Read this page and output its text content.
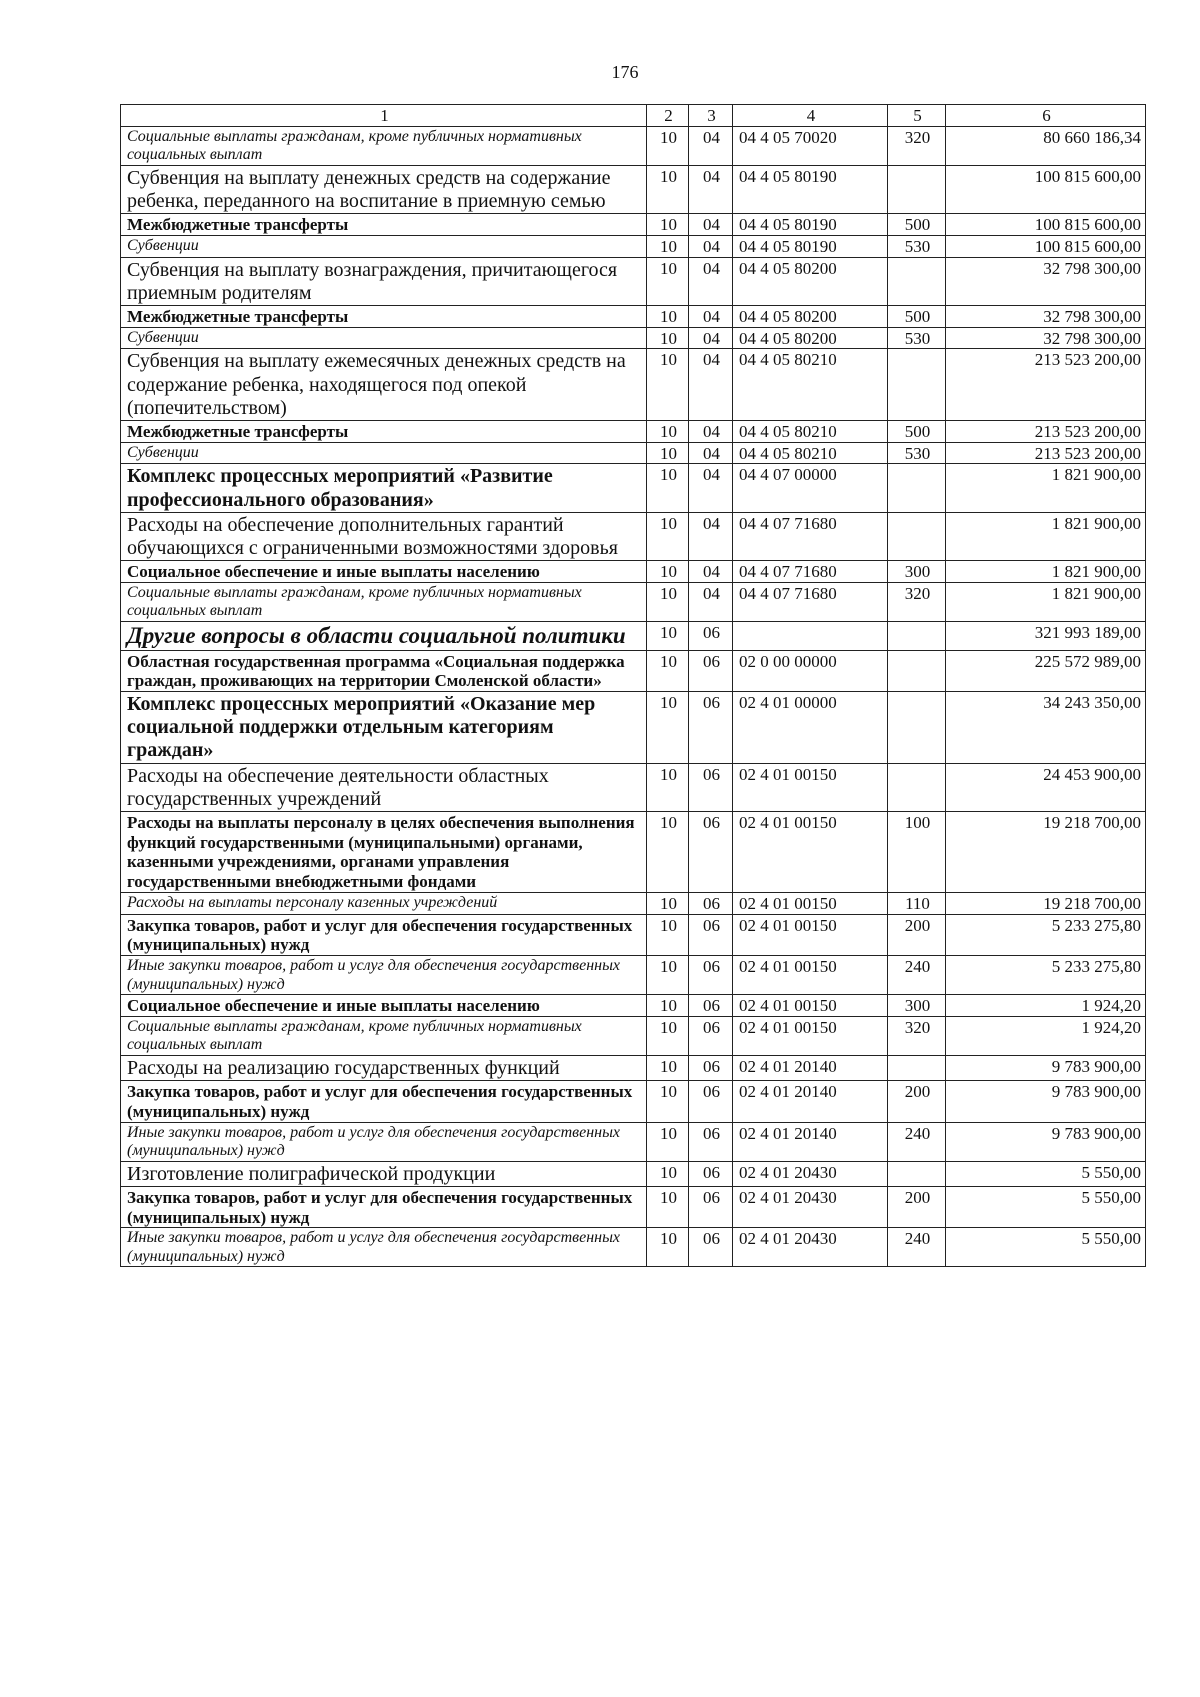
176
1	2	3	4	5	6
Социальные выплаты гражданам, кроме публичных нормативных социальных выплат	10	04	04 4 05 70020	320	80 660 186,34
Субвенция на выплату денежных средств на содержание ребенка, переданного на воспитание в приемную семью	10	04	04 4 05 80190		100 815 600,00
Межбюджетные трансферты	10	04	04 4 05 80190	500	100 815 600,00
Субвенции	10	04	04 4 05 80190	530	100 815 600,00
Субвенция на выплату вознаграждения, причитающегося приемным родителям	10	04	04 4 05 80200		32 798 300,00
Межбюджетные трансферты	10	04	04 4 05 80200	500	32 798 300,00
Субвенции	10	04	04 4 05 80200	530	32 798 300,00
Субвенция на выплату ежемесячных денежных средств на содержание ребенка, находящегося под опекой (попечительством)	10	04	04 4 05 80210		213 523 200,00
Межбюджетные трансферты	10	04	04 4 05 80210	500	213 523 200,00
Субвенции	10	04	04 4 05 80210	530	213 523 200,00
Комплекс процессных мероприятий «Развитие профессионального образования»	10	04	04 4 07 00000		1 821 900,00
Расходы на обеспечение дополнительных гарантий обучающихся с ограниченными возможностями здоровья	10	04	04 4 07 71680		1 821 900,00
Социальное обеспечение и иные выплаты населению	10	04	04 4 07 71680	300	1 821 900,00
Социальные выплаты гражданам, кроме публичных нормативных социальных выплат	10	04	04 4 07 71680	320	1 821 900,00
Другие вопросы в области социальной политики	10	06			321 993 189,00
Областная государственная программа «Социальная поддержка граждан, проживающих на территории Смоленской области»	10	06	02 0 00 00000		225 572 989,00
Комплекс процессных мероприятий «Оказание мер социальной поддержки отдельным категориям граждан»	10	06	02 4 01 00000		34 243 350,00
Расходы на обеспечение деятельности областных государственных учреждений	10	06	02 4 01 00150		24 453 900,00
Расходы на выплаты персоналу в целях обеспечения выполнения функций государственными (муниципальными) органами, казенными учреждениями, органами управления государственными внебюджетными фондами	10	06	02 4 01 00150	100	19 218 700,00
Расходы на выплаты персоналу казенных учреждений	10	06	02 4 01 00150	110	19 218 700,00
Закупка товаров, работ и услуг для обеспечения государственных (муниципальных) нужд	10	06	02 4 01 00150	200	5 233 275,80
Иные закупки товаров, работ и услуг для обеспечения государственных (муниципальных) нужд	10	06	02 4 01 00150	240	5 233 275,80
Социальное обеспечение и иные выплаты населению	10	06	02 4 01 00150	300	1 924,20
Социальные выплаты гражданам, кроме публичных нормативных социальных выплат	10	06	02 4 01 00150	320	1 924,20
Расходы на реализацию государственных функций	10	06	02 4 01 20140		9 783 900,00
Закупка товаров, работ и услуг для обеспечения государственных (муниципальных) нужд	10	06	02 4 01 20140	200	9 783 900,00
Иные закупки товаров, работ и услуг для обеспечения государственных (муниципальных) нужд	10	06	02 4 01 20140	240	9 783 900,00
Изготовление полиграфической продукции	10	06	02 4 01 20430		5 550,00
Закупка товаров, работ и услуг для обеспечения государственных (муниципальных) нужд	10	06	02 4 01 20430	200	5 550,00
Иные закупки товаров, работ и услуг для обеспечения государственных (муниципальных) нужд	10	06	02 4 01 20430	240	5 550,00
